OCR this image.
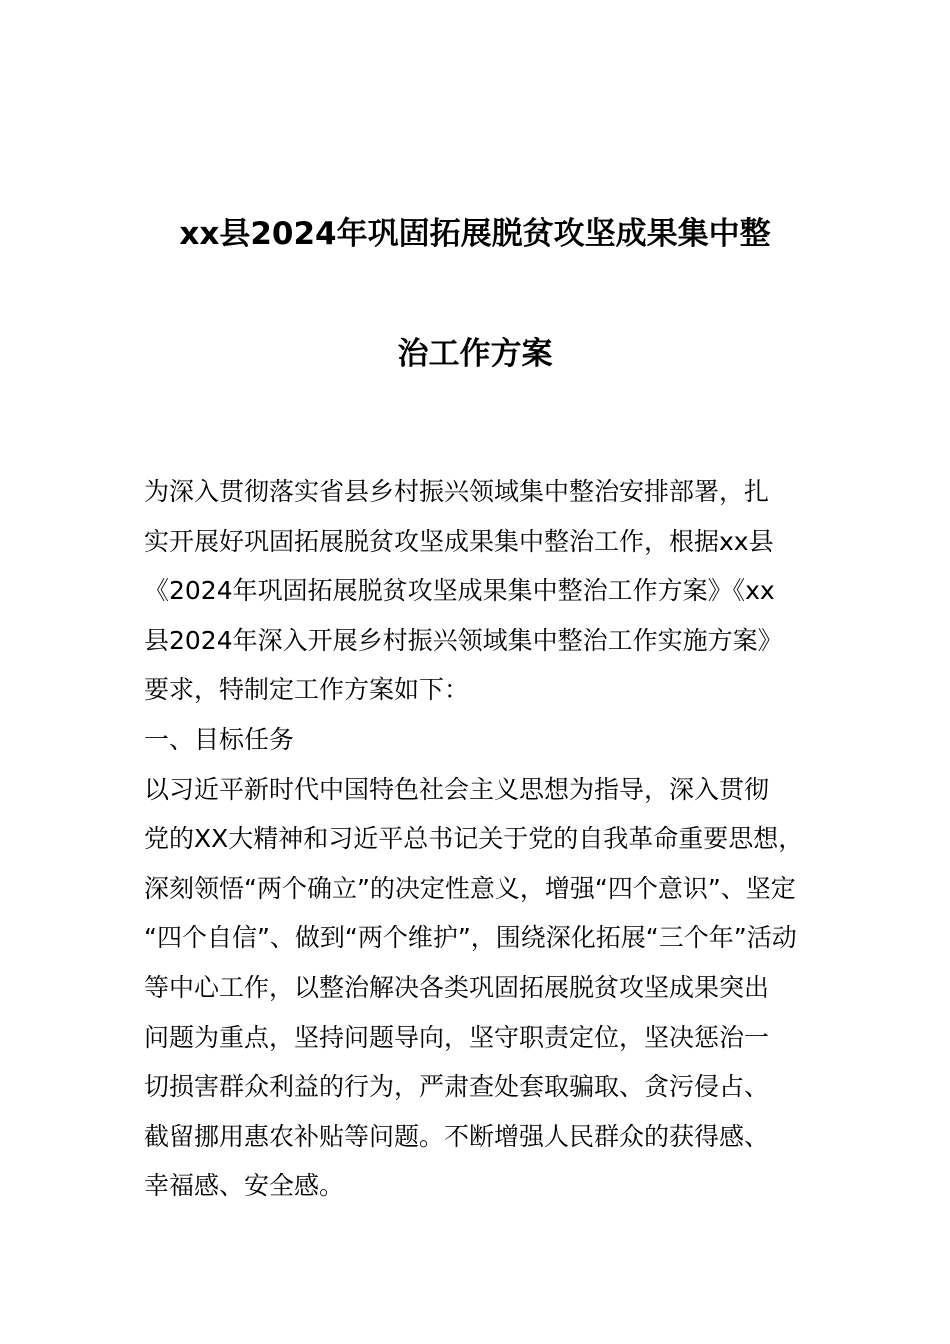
xx县2024年巩固拓展脱贫攻坚成果集中整
治工作方案
为深入贯彻落实省县乡村振兴领域集中整治安排部署，扎
实开展好巩固拓展脱贫攻坚成果集中整治工作，根据xx县
《2024年巩固拓展脱贫攻坚成果集中整治工作方案》《xx
县2024年深入开展乡村振兴领域集中整治工作实施方案》
要求，特制定工作方案如下：
一、目标任务
以习近平新时代中国特色社会主义思想为指导，深入贯彻
党的XX大精神和习近平总书记关于党的自我革命重要思想，
深刻领悟“两个确立”的决定性意义，增强“四个意识”、坚定
“四个自信”、做到“两个维护”，围绕深化拓展“三个年”活动
等中心工作，以整治解决各类巩固拓展脱贫攻坚成果突出
问题为重点，坚持问题导向，坚守职责定位，坚决惩治一
切损害群众利益的行为，严肃查处套取骗取、贪污侵占、
截留挪用惠农补贴等问题。不断增强人民群众的获得感、
幸福感、安全感。
